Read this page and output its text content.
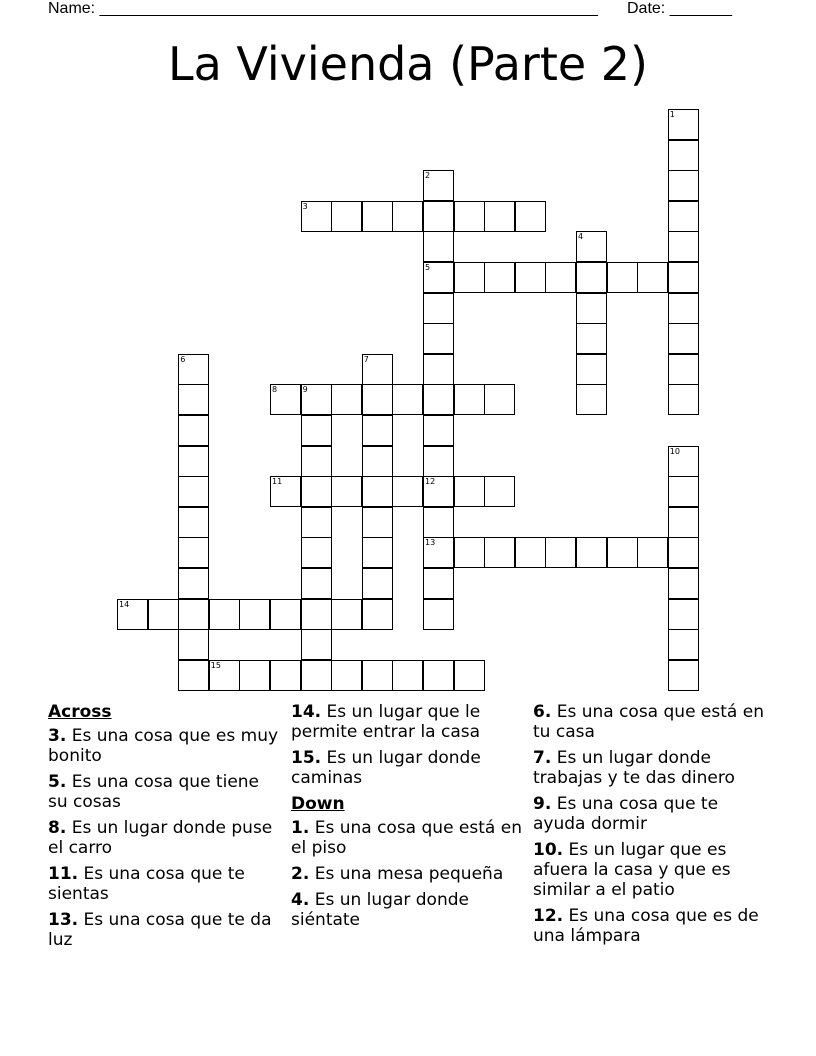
Name: ________________________________________________________ Date: _______
La Vivienda (Parte 2)
1
2
5
12
13
3
4
6	7
8	9
10
11
14
15
Across
3. Es una cosa que es muy bonito
5. Es una cosa que tiene su cosas
8. Es un lugar donde puse el carro
11. Es una cosa que te sientas
13. Es una cosa que te da luz
14. Es un lugar que le permite entrar la casa
15. Es un lugar donde caminas
Down
1. Es una cosa que está en el piso
2. Es una mesa pequeña
4. Es un lugar donde siéntate
6. Es una cosa que está en tu casa
7. Es un lugar donde trabajas y te das dinero
9. Es una cosa que te ayuda dormir
10. Es un lugar que es afuera la casa y que es similar a el patio
12. Es una cosa que es de una lámpara
